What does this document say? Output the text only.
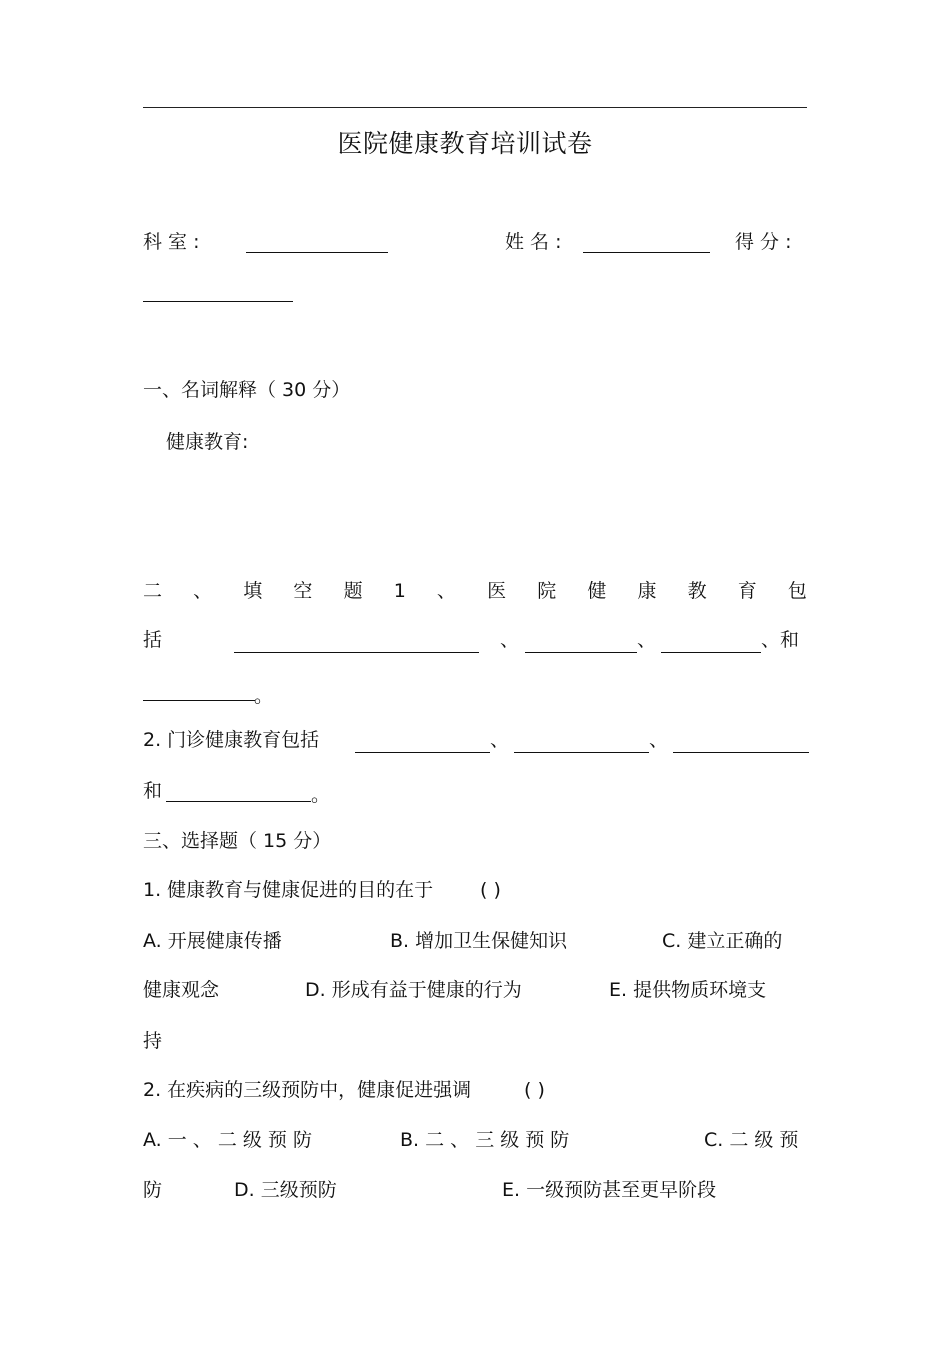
医院健康教育培训试卷
科 室 :	姓 名 :	得 分 :
一、名词解释（ 30 分）
健康教育:
二 、 填 空 题 1 、 医 院 健 康 教 育 包
括	、	、	、和
。
2. 门诊健康教育包括	、	、
和	。
三、选择题（ 15 分）
1. 健康教育与健康促进的目的在于 ( )
A. 开展健康传播	B. 增加卫生保健知识	C. 建立正确的
健康观念	D. 形成有益于健康的行为	E. 提供物质环境支
持
2. 在疾病的三级预防中，健康促进强调	( )
A. 一 、 二 级 预 防	B. 二 、 三 级 预 防	C. 二 级 预
防	D. 三级预防	E. 一级预防甚至更早阶段
